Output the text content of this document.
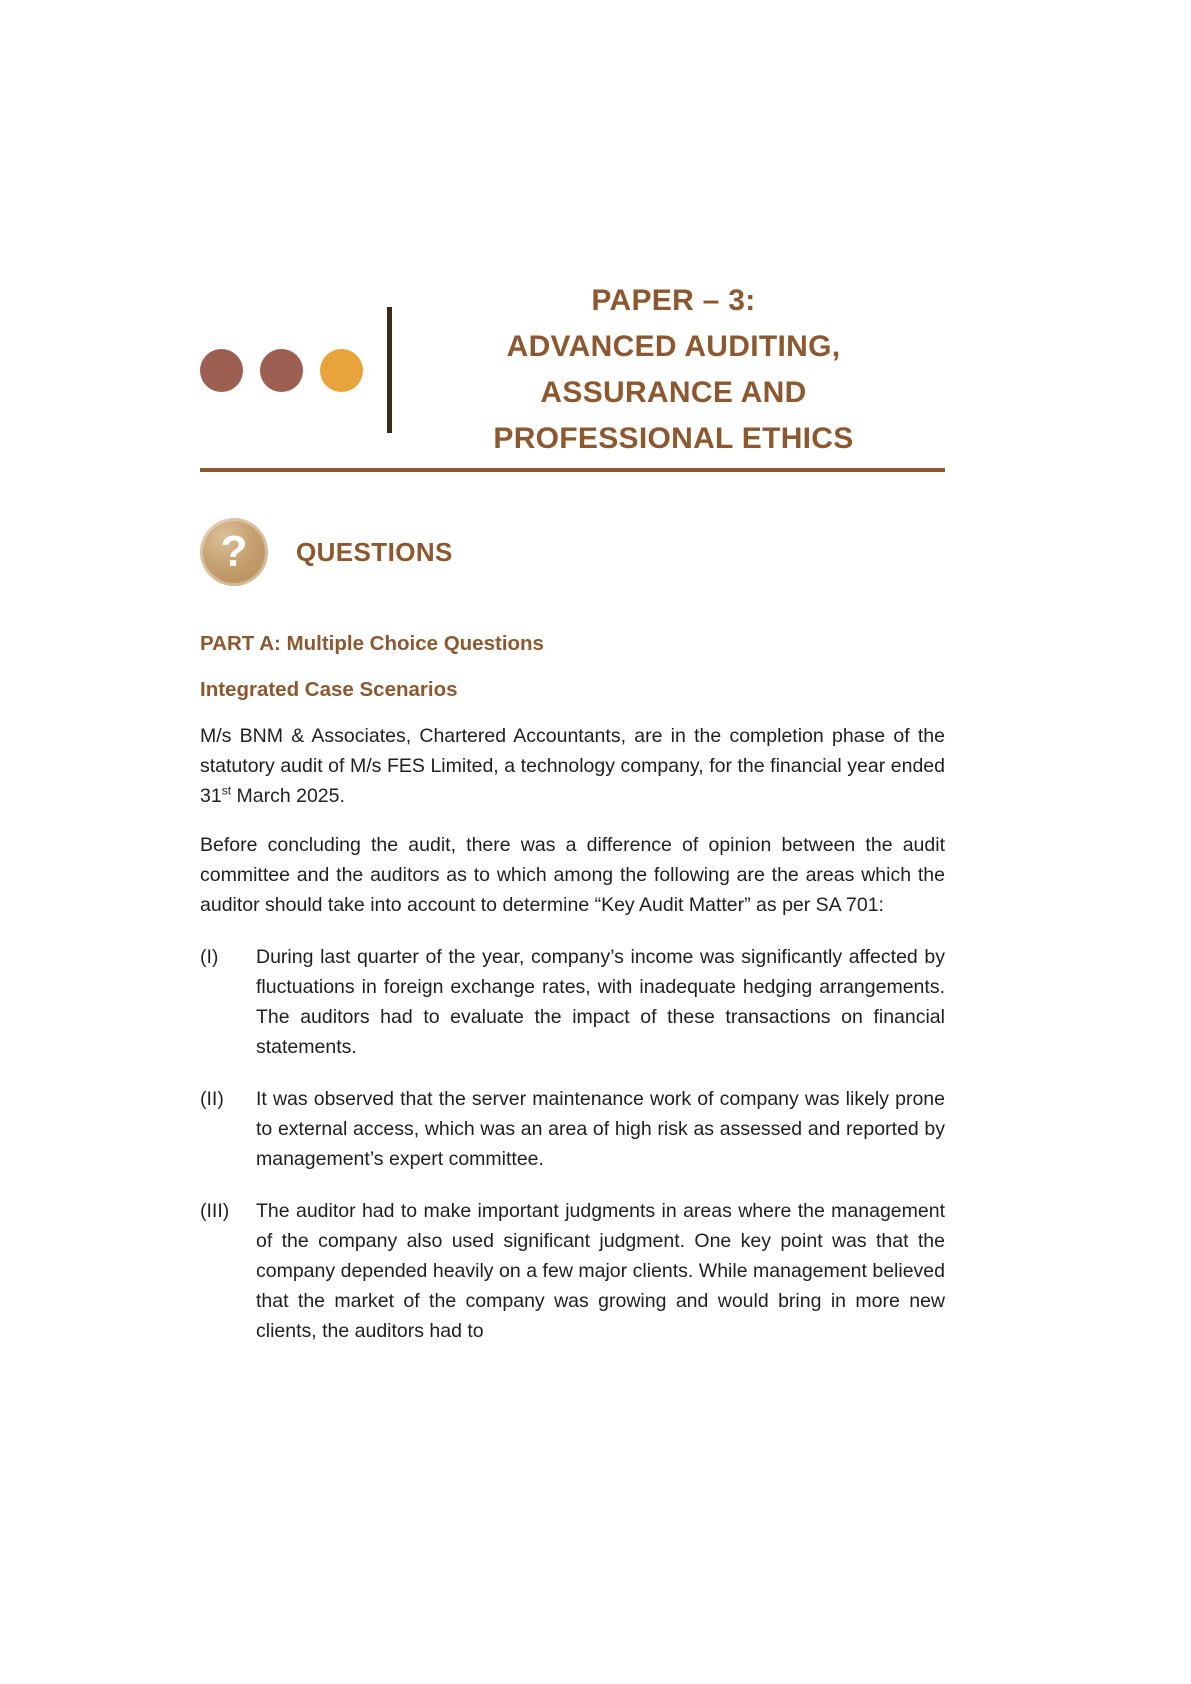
PAPER – 3:
ADVANCED AUDITING,
ASSURANCE AND
PROFESSIONAL ETHICS
? QUESTIONS
PART A: Multiple Choice Questions
Integrated Case Scenarios

M/s BNM & Associates, Chartered Accountants, are in the completion phase of the statutory audit of M/s FES Limited, a technology company, for the financial year ended 31st March 2025.

Before concluding the audit, there was a difference of opinion between the audit committee and the auditors as to which among the following are the areas which the auditor should take into account to determine “Key Audit Matter” as per SA 701:

(I)	During last quarter of the year, company’s income was significantly affected by fluctuations in foreign exchange rates, with inadequate hedging arrangements. The auditors had to evaluate the impact of these transactions on financial statements.
(II)	It was observed that the server maintenance work of company was likely prone to external access, which was an area of high risk as assessed and reported by management’s expert committee.
(III)	The auditor had to make important judgments in areas where the management of the company also used significant judgment. One key point was that the company depended heavily on a few major clients. While management believed that the market of the company was growing and would bring in more new clients, the auditors had to
